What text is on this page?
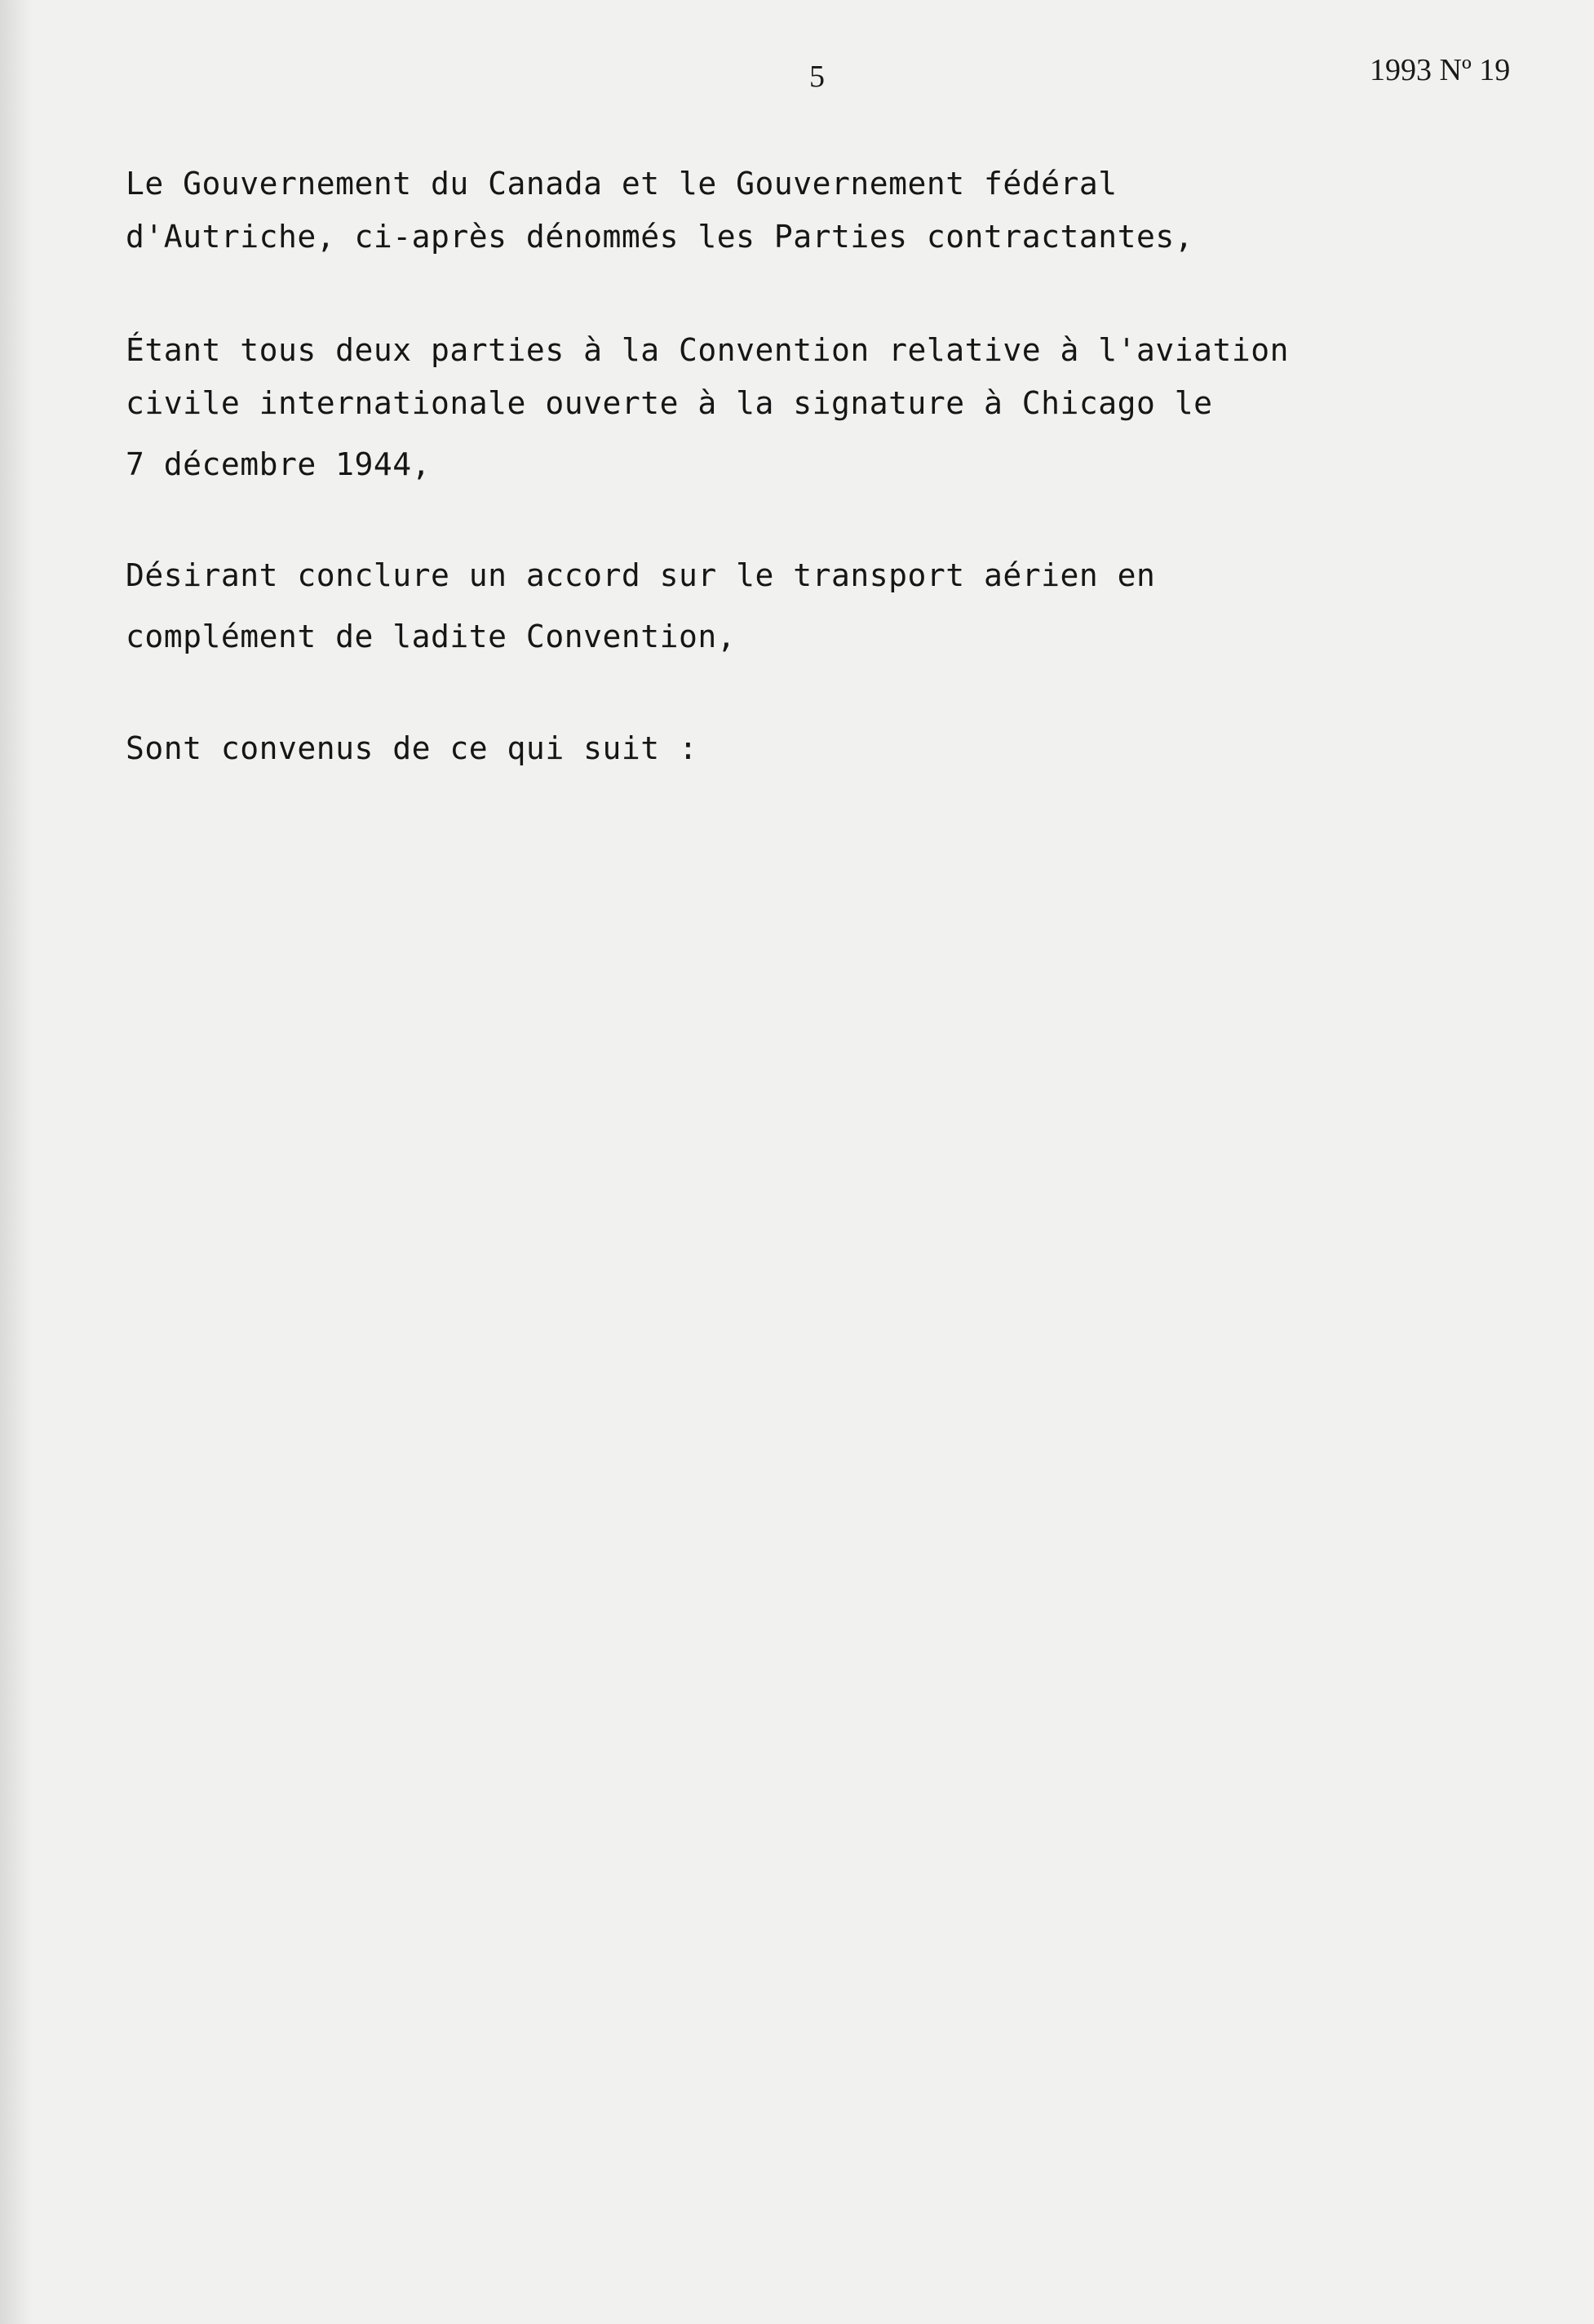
5	1993 Nº 19
Le Gouvernement du Canada et le Gouvernement fédéral
d'Autriche, ci-après dénommés les Parties contractantes,
Étant tous deux parties à la Convention relative à l'aviation
civile internationale ouverte à la signature à Chicago le
7 décembre 1944,
Désirant conclure un accord sur le transport aérien en
complément de ladite Convention,
Sont convenus de ce qui suit :
